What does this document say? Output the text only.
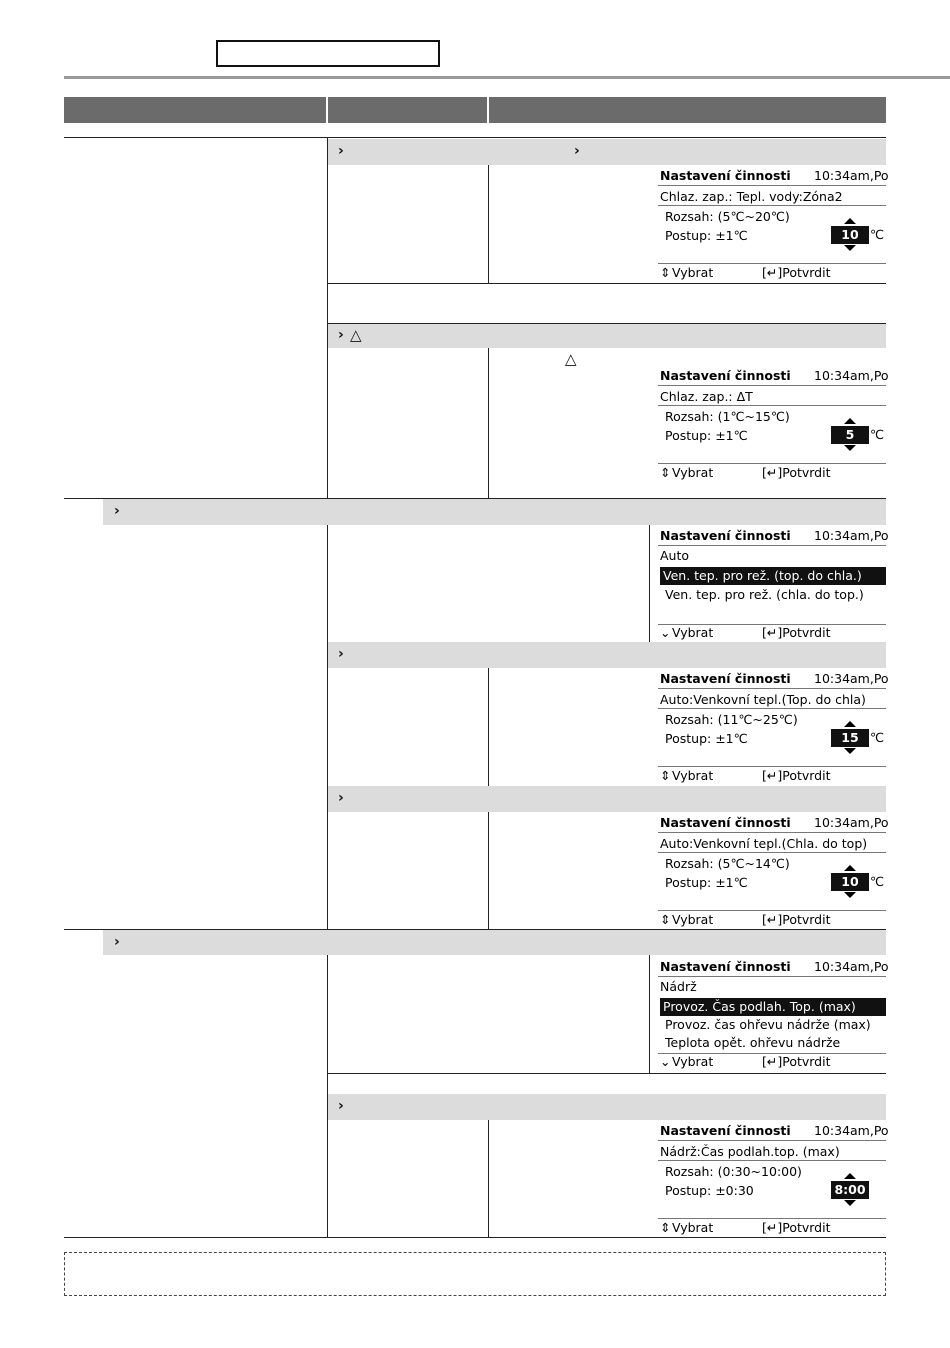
›	›
› △
△
›
›
›
›
›
Nastavení činnosti 10:34am,Po
Chlaz. zap.: Tepl. vody:Zóna2
Rozsah: (5℃~20℃)
Postup: ±1℃	10 ℃
⇕ Vybrat	[↵]Potvrdit
Nastavení činnosti 10:34am,Po
Chlaz. zap.: ΔT
Rozsah: (1℃~15℃)
Postup: ±1℃	5	℃
⇕ Vybrat	[↵]Potvrdit
Nastavení činnosti 10:34am,Po
Auto
Ven. tep. pro rež. (top. do chla.)
Ven. tep. pro rež. (chla. do top.)
⌄ Vybrat	[↵]Potvrdit
Nastavení činnosti 10:34am,Po
Auto:Venkovní tepl.(Top. do chla)
Rozsah: (11℃~25℃)
Postup: ±1℃	15 ℃
⇕ Vybrat	[↵]Potvrdit
Nastavení činnosti 10:34am,Po
Auto:Venkovní tepl.(Chla. do top)
Rozsah: (5℃~14℃)
Postup: ±1℃	10 ℃
⇕ Vybrat	[↵]Potvrdit
Nastavení činnosti 10:34am,Po
Nádrž
Provoz. Čas podlah. Top. (max)
Provoz. čas ohřevu nádrže (max)
Teplota opět. ohřevu nádrže
⌄ Vybrat	[↵]Potvrdit
Nastavení činnosti 10:34am,Po
Nádrž:Čas podlah.top. (max)
Rozsah: (0:30~10:00)
Postup: ±0:30	8:00
⇕ Vybrat	[↵]Potvrdit
